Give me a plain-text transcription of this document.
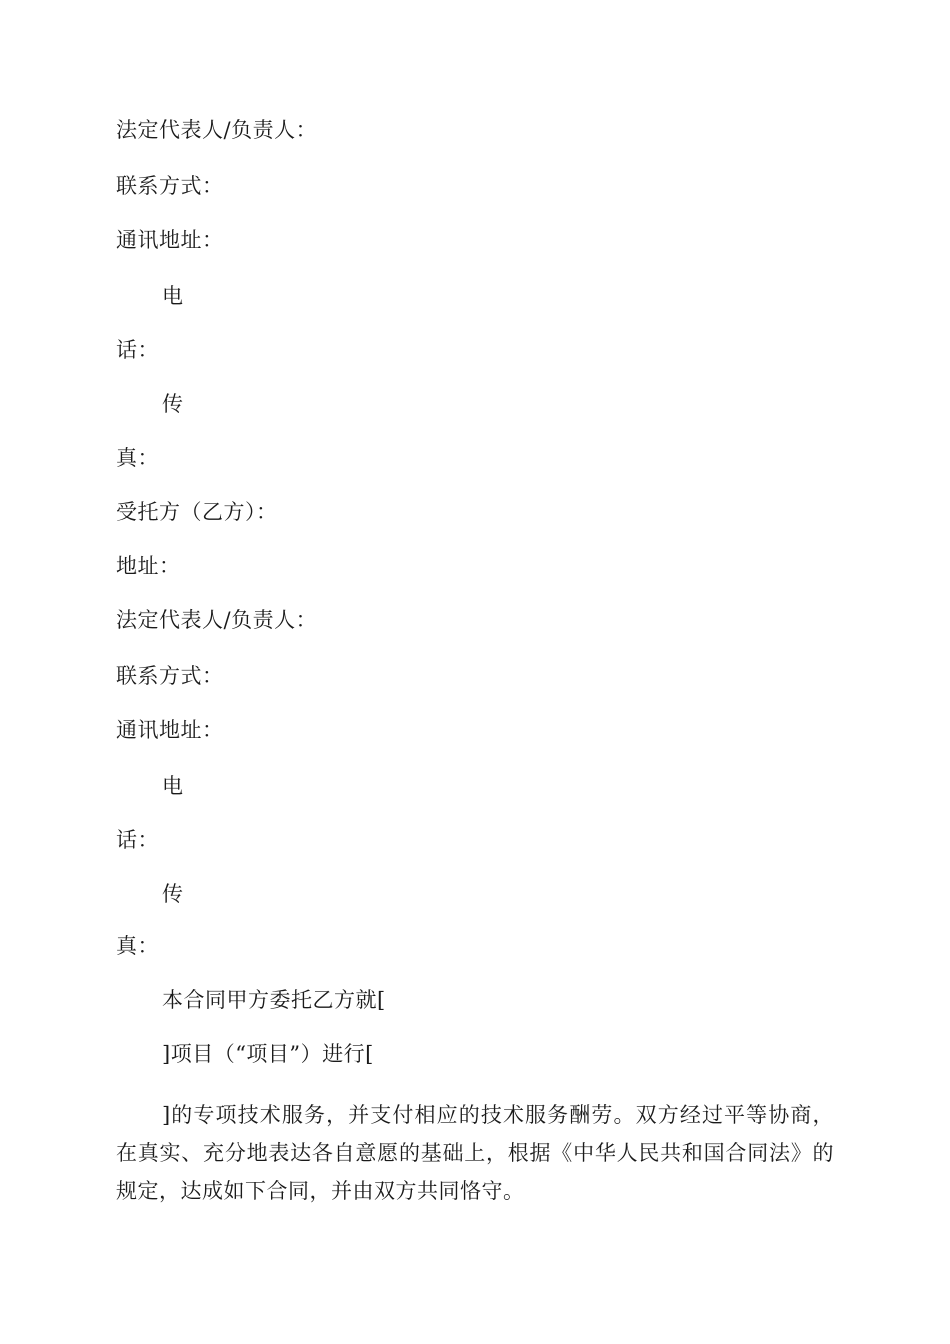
法定代表人/负责人：
联系方式：
通讯地址：
电
话：
传
真：
受托方（乙方）：
地址：
法定代表人/负责人：
联系方式：
通讯地址：
电
话：
传
真：
本合同甲方委托乙方就[
]项目（“项目”）进行[
]的专项技术服务，并支付相应的技术服务酬劳。双方经过平等协商，在真实、充分地表达各自意愿的基础上，根据《中华人民共和国合同法》的规定，达成如下合同，并由双方共同恪守。
